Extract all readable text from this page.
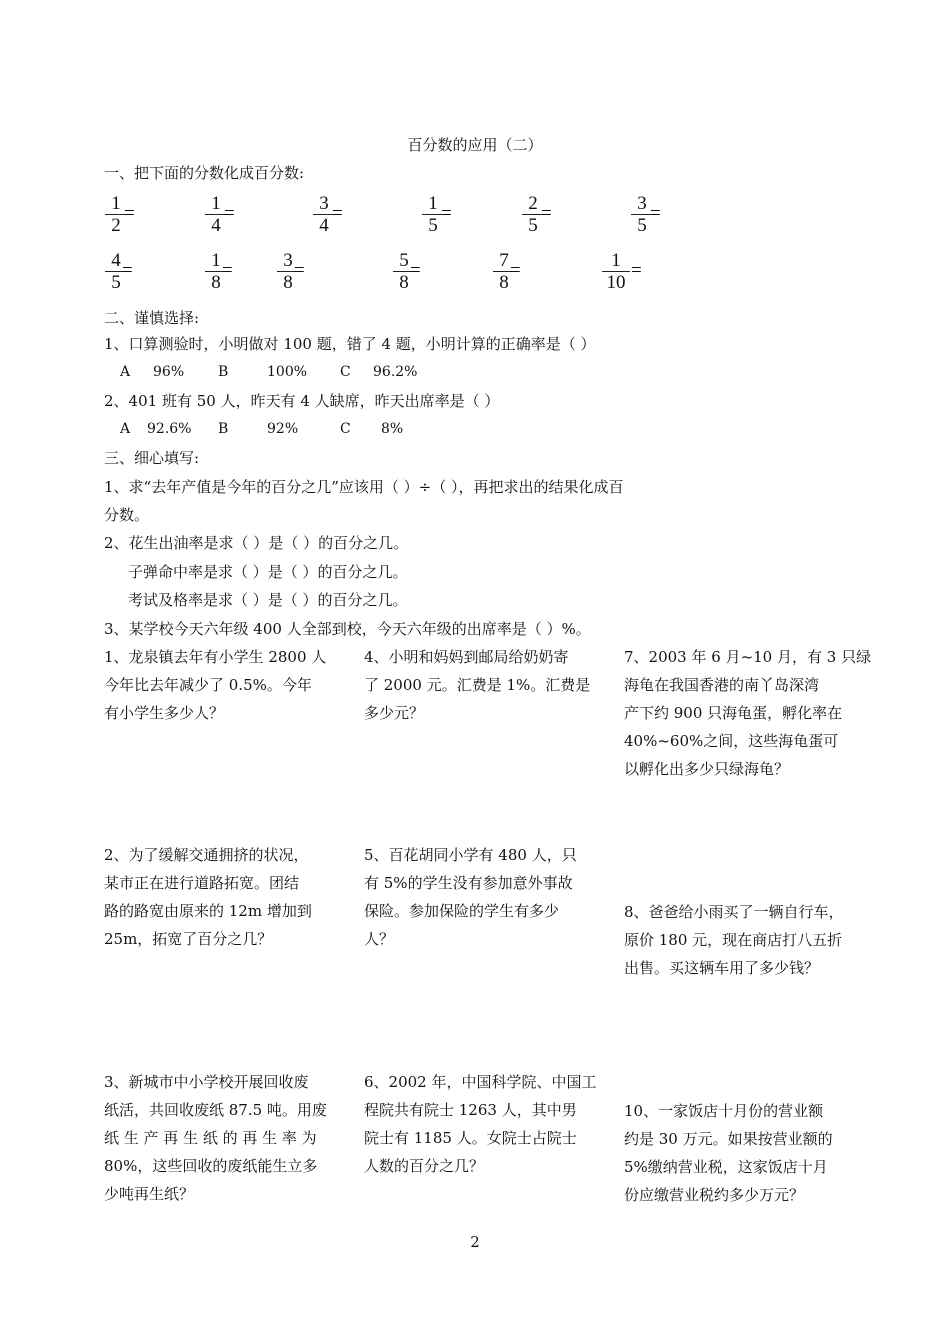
百分数的应用（二）
一、把下面的分数化成百分数:
1
2
=	1
4
=	3
4
=	1
5
=	2
5
=	3
5
=
4
5
=	1
8
=	3
8
=	5
8
=	7
8
=	1
10
=
二、谨慎选择:
1、口算测验时，小明做对 100 题，错了 4 题，小明计算的正确率是（ ）
A 96% B	100% C 96.2%
2、401 班有 50 人，昨天有 4 人缺席，昨天出席率是（ ）
A 92.6% B	92%	C 8%
三、细心填写:
1、求“去年产值是今年的百分之几”应该用（ ）÷（ ），再把求出的结果化成百
分数。
2、花生出油率是求（ ）是（ ）的百分之几。
子弹命中率是求（ ）是（ ）的百分之几。
考试及格率是求（ ）是（ ）的百分之几。
3、某学校今天六年级 400 人全部到校，今天六年级的出席率是（ ）%。
1、龙泉镇去年有小学生 2800 人
今年比去年减少了 0.5%。今年
有小学生多少人？
4、小明和妈妈到邮局给奶奶寄
了 2000 元。汇费是 1%。汇费是
多少元？
7、2003 年 6 月~10 月，有 3 只绿
海龟在我国香港的南丫岛深湾
产下约 900 只海龟蛋，孵化率在
40%~60%之间，这些海龟蛋可
以孵化出多少只绿海龟？
2、为了缓解交通拥挤的状况，
某市正在进行道路拓宽。团结
路的路宽由原来的 12m 增加到
25m，拓宽了百分之几？
5、百花胡同小学有 480 人，只
有 5%的学生没有参加意外事故
保险。参加保险的学生有多少
人？
8、爸爸给小雨买了一辆自行车，
原价 180 元，现在商店打八五折
出售。买这辆车用了多少钱？
3、新城市中小学校开展回收废
纸活，共回收废纸 87.5 吨。用废
纸 生 产 再 生 纸 的 再 生 率 为
80%，这些回收的废纸能生立多
少吨再生纸？
6、2002 年，中国科学院、中国工
程院共有院士 1263 人，其中男
院士有 1185 人。女院士占院士
人数的百分之几？
10、一家饭店十月份的营业额
约是 30 万元。如果按营业额的
5%缴纳营业税，这家饭店十月
份应缴营业税约多少万元？
2
